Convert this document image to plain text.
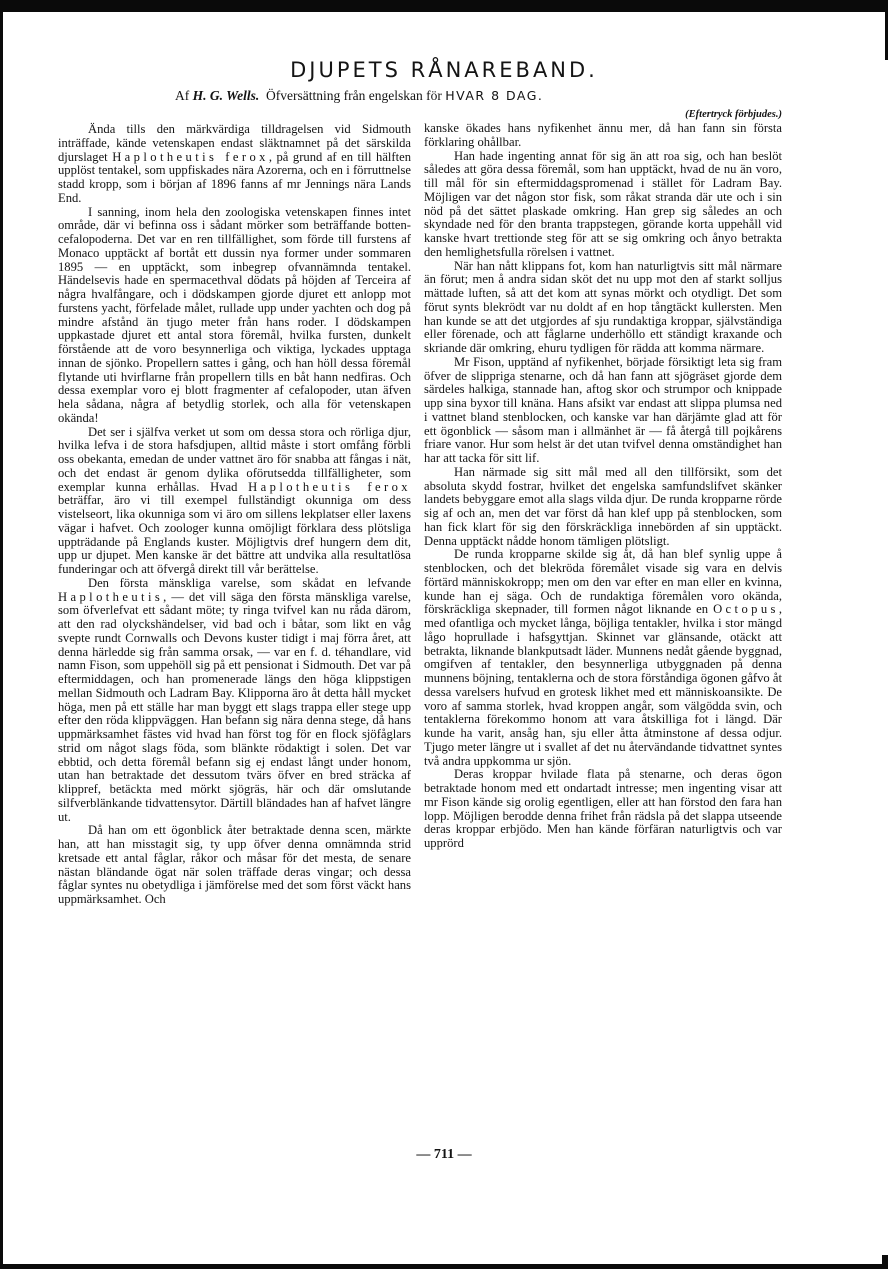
DJUPETS RÅNAREBAND.
Af H. G. Wells. Öfversättning från engelskan för HVAR 8 DAG.
(Eftertryck förbjudes.)

Ända tills den märkvärdiga tilldragelsen vid Sidmouth inträffade, kände vetenskapen endast släktnamnet på det särskilda djurslaget Haplotheutis ferox, på grund af en till hälften upplöst tentakel, som uppfiskades nära Azorerna, och en i förruttnelse stadd kropp, som i början af 1896 fanns af mr Jennings nära Lands End.

I sanning, inom hela den zoologiska vetenskapen finnes intet område, där vi befinna oss i sådant mörker som beträffande botten-cefalopoderna. Det var en ren tillfällighet, som förde till furstens af Monaco upptäckt af bortåt ett dussin nya former under sommaren 1895 — en upptäckt, som inbegrep ofvannämnda tentakel. Händelsevis hade en spermacethval dödats på höjden af Terceira af några hvalfångare, och i dödskampen gjorde djuret ett anlopp mot furstens yacht, förfelade målet, rullade upp under yachten och dog på mindre afstånd än tjugo meter från hans roder. I dödskampen uppkastade djuret ett antal stora föremål, hvilka fursten, dunkelt förstående att de voro besynnerliga och viktiga, lyckades upptaga innan de sjönko. Propellern sattes i gång, och han höll dessa föremål flytande uti hvirflarne från propellern tills en båt hann nedfiras. Och dessa exemplar voro ej blott fragmenter af cefalopoder, utan äfven hela sådana, några af betydlig storlek, och alla för vetenskapen okända!

Det ser i själfva verket ut som om dessa stora och rörliga djur, hvilka lefva i de stora hafsdjupen, alltid måste i stort omfång förbli oss obekanta, emedan de under vattnet äro för snabba att fångas i nät, och det endast är genom dylika oförutsedda tillfälligheter, som exemplar kunna erhållas. Hvad Haplotheutis ferox beträffar, äro vi till exempel fullständigt okunniga om dess vistelseort, lika okunniga som vi äro om sillens lekplatser eller laxens vägar i hafvet. Och zoologer kunna omöjligt förklara dess plötsliga uppträdande på Englands kuster. Möjligtvis dref hungern dem dit, upp ur djupet. Men kanske är det bättre att undvika alla resultatlösa funderingar och att öfvergå direkt till vår berättelse.

Den första mänskliga varelse, som skådat en lefvande Haplotheutis, — det vill säga den första mänskliga varelse, som öfverlefvat ett sådant möte; ty ringa tvifvel kan nu råda därom, att den rad olyckshändelser, vid bad och i båtar, som likt en våg svepte rundt Cornwalls och Devons kuster tidigt i maj förra året, att denna härledde sig från samma orsak, — var en f. d. téhandlare, vid namn Fison, som uppehöll sig på ett pensionat i Sidmouth. Det var på eftermiddagen, och han promenerade längs den höga klippstigen mellan Sidmouth och Ladram Bay. Klipporna äro åt detta håll mycket höga, men på ett ställe har man byggt ett slags trappa eller stege upp efter den röda klippväggen. Han befann sig nära denna stege, då hans uppmärksamhet fästes vid hvad han först tog för en flock sjöfåglars strid om något slags föda, som blänkte rödaktigt i solen. Det var ebbtid, och detta föremål befann sig ej endast långt under honom, utan han betraktade det dessutom tvärs öfver en bred sträcka af klippref, betäckta med mörkt sjögräs, här och där omslutande silfverblänkande tidvattensytor. Därtill bländades han af hafvet längre ut.

Då han om ett ögonblick åter betraktade denna scen, märkte han, att han misstagit sig, ty upp öfver denna omnämnda strid kretsade ett antal fåglar, råkor och måsar för det mesta, de senare nästan bländande ögat när solen träffade deras vingar; och dessa fåglar syntes nu obetydliga i jämförelse med det som först väckt hans uppmärksamhet. Och

kanske ökades hans nyfikenhet ännu mer, då han fann sin första förklaring ohållbar.

Han hade ingenting annat för sig än att roa sig, och han beslöt således att göra dessa föremål, som han upptäckt, hvad de nu än voro, till mål för sin eftermiddagspromenad i stället för Ladram Bay. Möjligen var det någon stor fisk, som råkat stranda där ute och i sin nöd på det sättet plaskade omkring. Han grep sig således an och skyndade ned för den branta trappstegen, görande korta uppehåll vid kanske hvart trettionde steg för att se sig omkring och ånyo betrakta den hemlighetsfulla rörelsen i vattnet.

När han nått klippans fot, kom han naturligtvis sitt mål närmare än förut; men å andra sidan sköt det nu upp mot den af starkt solljus mättade luften, så att det kom att synas mörkt och otydligt. Det som förut synts blekrödt var nu doldt af en hop tångtäckt kullersten. Men han kunde se att det utgjordes af sju rundaktiga kroppar, självständiga eller förenade, och att fåglarne underhöllo ett ständigt kraxande och skriande där omkring, ehuru tydligen för rädda att komma närmare.

Mr Fison, upptänd af nyfikenhet, började försiktigt leta sig fram öfver de slippriga stenarne, och då han fann att sjögräset gjorde dem särdeles halkiga, stannade han, aftog skor och strumpor och knippade upp sina byxor till knäna. Hans afsikt var endast att slippa plumsa ned i vattnet bland stenblocken, och kanske var han därjämte glad att för ett ögonblick — såsom man i allmänhet är — få återgå till pojkårens friare vanor. Hur som helst är det utan tvifvel denna omständighet han har att tacka för sitt lif.

Han närmade sig sitt mål med all den tillförsikt, som det absoluta skydd fostrar, hvilket det engelska samfundslifvet skänker landets bebyggare emot alla slags vilda djur. De runda kropparne rörde sig af och an, men det var först då han klef upp på stenblocken, som han fick klart för sig den förskräckliga innebörden af sin upptäckt. Denna upptäckt nådde honom tämligen plötsligt.

De runda kropparne skilde sig åt, då han blef synlig uppe å stenblocken, och det blekröda föremålet visade sig vara en delvis förtärd människokropp; men om den var efter en man eller en kvinna, kunde han ej säga. Och de rundaktiga föremålen voro okända, förskräckliga skepnader, till formen något liknande en Octopus, med ofantliga och mycket långa, böjliga tentakler, hvilka i stor mängd lågo hoprullade i hafsgyttjan. Skinnet var glänsande, otäckt att betrakta, liknande blankputsadt läder. Munnens nedåt gående byggnad, omgifven af tentakler, den besynnerliga utbyggnaden på denna munnens böjning, tentaklerna och de stora förståndiga ögonen gåfvo åt dessa varelsers hufvud en grotesk likhet med ett människoansikte. De voro af samma storlek, hvad kroppen angår, som välgödda svin, och tentaklerna förekommo honom att vara åtskilliga fot i längd. Där kunde ha varit, ansåg han, sju eller åtta åtminstone af dessa odjur. Tjugo meter längre ut i svallet af det nu återvändande tidvattnet syntes två andra uppkomma ur sjön.

Deras kroppar hvilade flata på stenarne, och deras ögon betraktade honom med ett ondartadt intresse; men ingenting visar att mr Fison kände sig orolig egentligen, eller att han förstod den fara han lopp. Möjligen berodde denna frihet från rädsla på det slappa utseende deras kroppar erbjödo. Men han kände förfäran naturligtvis och var upprörd

— 711 —
